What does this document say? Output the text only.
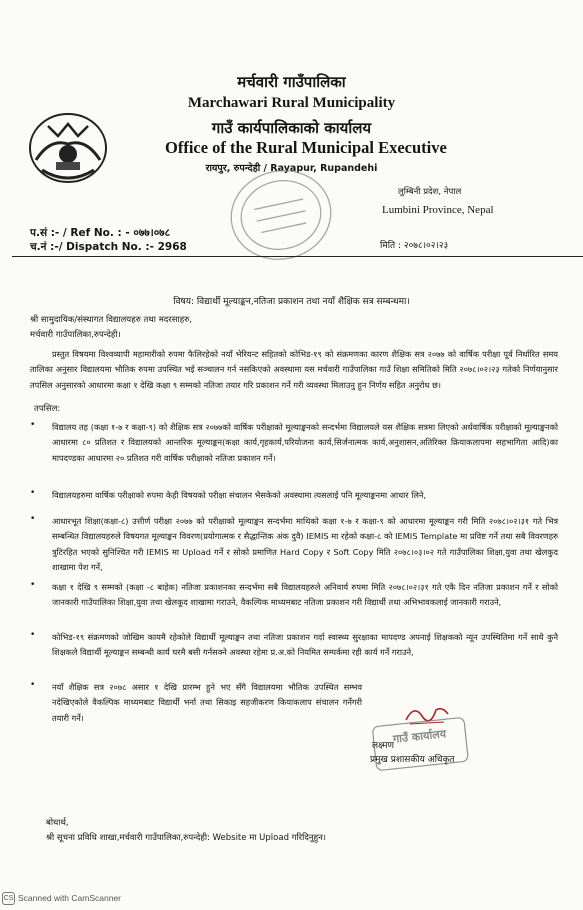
मर्चवारी गाउँपालिका
Marchawari Rural Municipality
गाउँ कार्यपालिकाको कार्यालय
Office of the Rural Municipal Executive
रायपुर, रुपन्देही / Rayapur, Rupandehi
लुम्बिनी प्रदेश, नेपाल
Lumbini Province, Nepal
प.सं :- / Ref No. : - ०७७।०७८
च.नं :-/ Dispatch No. :- 2968	मिति : २०७८।०२।२३
विषय: विद्यार्थी मूल्याङ्कन,नतिजा प्रकाशन तथा नयाँ शैक्षिक सत्र सम्बन्धमा।
श्री सामुदायिक/संस्थागत विद्यालयहरु तथा मदरसाहरु,
मर्चवारी गाउँपालिका,रुपन्देही।
प्रस्तुत विषयमा विश्वव्यापी महामारीको रुपमा फैलिरहेको नयाँ भेरियन्ट सहितको कोभिड-१९ को संक्रमणका कारण शैक्षिक सत्र २०७७ को वार्षिक परीक्षा पूर्व निर्धारित समय तालिका अनुसार विद्यालयमा भौतिक रुपमा उपस्थित भई सञ्चालन गर्न नसकिएको अवस्थामा यस मर्चवारी गाउँपालिका गाउँ शिक्षा समितिको मिति २०७८।०२।२३ गतेको निर्णयानुसार तपसिल अनुसारको आधारमा कक्षा १ देखि कक्षा ९ सम्मको नतिजा तयार गरि प्रकाशन गर्ने गरी व्यवस्था मिलाउनु हुन निर्णय सहित अनुरोध छ।
तपसिल:
• विद्यालय तह (कक्षा १-७ र कक्षा-९) को शैक्षिक सत्र २०७७को वार्षिक परीक्षाको मूल्याङ्कनको सन्दर्भमा विद्यालयले यस शैक्षिक सत्रमा लिएको अर्धवार्षिक परीक्षाको मूल्याङ्कनको आधारमा ८० प्रतिशत र विद्यालयको आन्तरिक मूल्याङ्कन(कक्षा कार्य,गृहकार्य,परियोजना कार्य,सिर्जनात्मक कार्य,अनुशासन,अतिरिक्त क्रियाकलापमा सहभागिता आदि)का मापदण्डका आधारमा २० प्रतिशत गरी वार्षिक परीक्षाको नतिजा प्रकाशन गर्ने।
• विद्यालयहरुमा वार्षिक परीक्षाको रुपमा केही विषयको परीक्षा संचालन भैसकेको अवस्थामा त्यसलाई पनि मूल्याङ्कनमा आधार लिने,
• आधारभूत शिक्षा(कक्षा-८) उत्तीर्ण परीक्षा २०७७ को परीक्षाको मूल्याङ्कन सन्दर्भमा माथिको कक्षा १-७ र कक्षा-९ को आधारमा मूल्याङ्कन गरी मिति २०७८।०२।३१ गते भित्र सम्बन्धित विद्यालयहरुले विषयगत मूल्याङ्कन विवरण(प्रयोगात्मक र सैद्धान्तिक अंक दुवै) IEMIS मा रहेको कक्षा-८ को IEMIS Template मा प्रविष्ट गर्ने तथा सबै विवरणहरु त्रुटिरहित भएको सुनिश्चित गरी IEMIS मा Upload गर्ने र सोको प्रमाणित Hard Copy र Soft Copy मिति २०७८।०३।०२ गते गाउँपालिका शिक्षा,युवा तथा खेलकुद शाखामा पेश गर्ने,
• कक्षा १ देखि ९ सम्मको (कक्षा -८ बाहेक) नतिजा प्रकाशनका सन्दर्भमा सबै विद्यालयहरुले अनिवार्य रुपमा मिति २०७८।०२।३१ गते एकै दिन नतिजा प्रकाशन गर्ने र सोको जानकारी गाउँपालिका शिक्षा,युवा तथा खेलकूद शाखामा गराउने, वैकल्पिक माध्यमबाट नतिजा प्रकाशन गरी विद्यार्थी तथा अभिभावकलाई जानकारी गराउने,
• कोभिड-१९ संक्रमणको जोखिम कायमै रहेकोले विद्यार्थी मूल्याङ्कन तथा नतिजा प्रकाशन गर्दा स्वास्थ्य सुरक्षाका मापदण्ड अपनाई शिक्षकको न्यून उपस्थितिमा गर्ने साथै कुनै शिक्षकले विद्यार्थी मूल्याङ्कन सम्बन्धी कार्य घरमै बसी गर्नसक्ने अवस्था रहेमा प्र.अ.को नियमित सम्पर्कमा रही कार्य गर्ने गराउने,
• नयाँ शैक्षिक सत्र २०७८ असार १ देखि प्रारम्भ हुने भए सँगै विद्यालयमा भौतिक उपस्थित सम्भव नदेखिएकोले वैकल्पिक माध्यमबाट विद्यार्थी भर्ना तथा सिकाइ सहजीकरण कियाकलाप संचालन गर्नेगरी तयारी गर्ने।
गाउँ कार्यालय
लक्ष्मण
प्रमुख प्रशासकीय अधिकृत
बोधार्थ,
श्री सूचना प्रविधि शाखा,मर्चवारी गाउँपालिका,रुपन्देही: Website मा Upload गरिदिनुहुन।
CS Scanned with CamScanner
